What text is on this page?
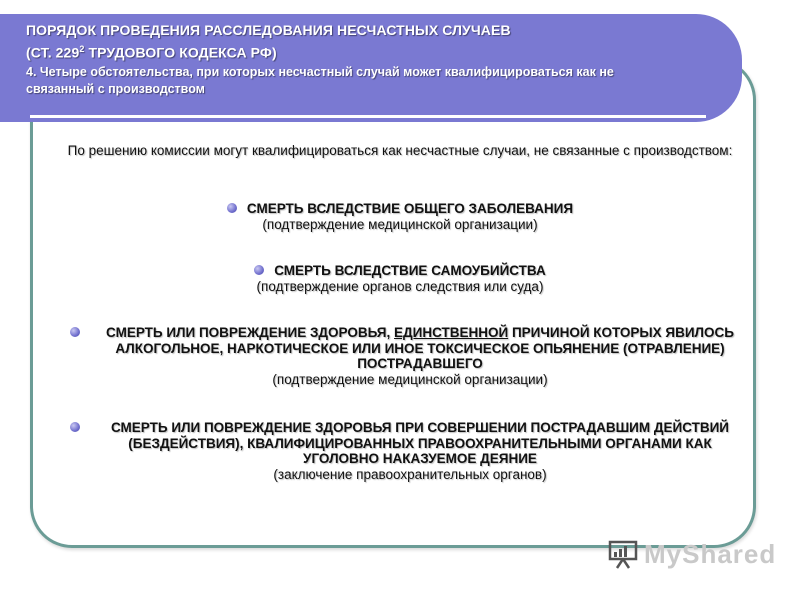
ПОРЯДОК ПРОВЕДЕНИЯ РАССЛЕДОВАНИЯ НЕСЧАСТНЫХ СЛУЧАЕВ
(СТ. $229^2$ ТРУДОВОГО КОДЕКСА РФ)
4. Четыре обстоятельства, при которых несчастный случай может квалифицироваться как не
связанный с производством
По решению комиссии могут квалифицироваться как несчастные случаи, не связанные с производством:
СМЕРТЬ ВСЛЕДСТВИЕ ОБЩЕГО ЗАБОЛЕВАНИЯ
(подтверждение медицинской организации)
СМЕРТЬ ВСЛЕДСТВИЕ САМОУБИЙСТВА
(подтверждение органов следствия или суда)
СМЕРТЬ ИЛИ ПОВРЕЖДЕНИЕ ЗДОРОВЬЯ, ЕДИНСТВЕННОЙ ПРИЧИНОЙ КОТОРЫХ ЯВИЛОСЬ АЛКОГОЛЬНОЕ, НАРКОТИЧЕСКОЕ ИЛИ ИНОЕ ТОКСИЧЕСКОЕ ОПЬЯНЕНИЕ (ОТРАВЛЕНИЕ) ПОСТРАДАВШЕГО
(подтверждение медицинской организации)
СМЕРТЬ ИЛИ ПОВРЕЖДЕНИЕ ЗДОРОВЬЯ ПРИ СОВЕРШЕНИИ ПОСТРАДАВШИМ ДЕЙСТВИЙ (БЕЗДЕЙСТВИЯ), КВАЛИФИЦИРОВАННЫХ ПРАВООХРАНИТЕЛЬНЫМИ ОРГАНАМИ КАК УГОЛОВНО НАКАЗУЕМОЕ ДЕЯНИЕ
(заключение правоохранительных органов)
MyShared
